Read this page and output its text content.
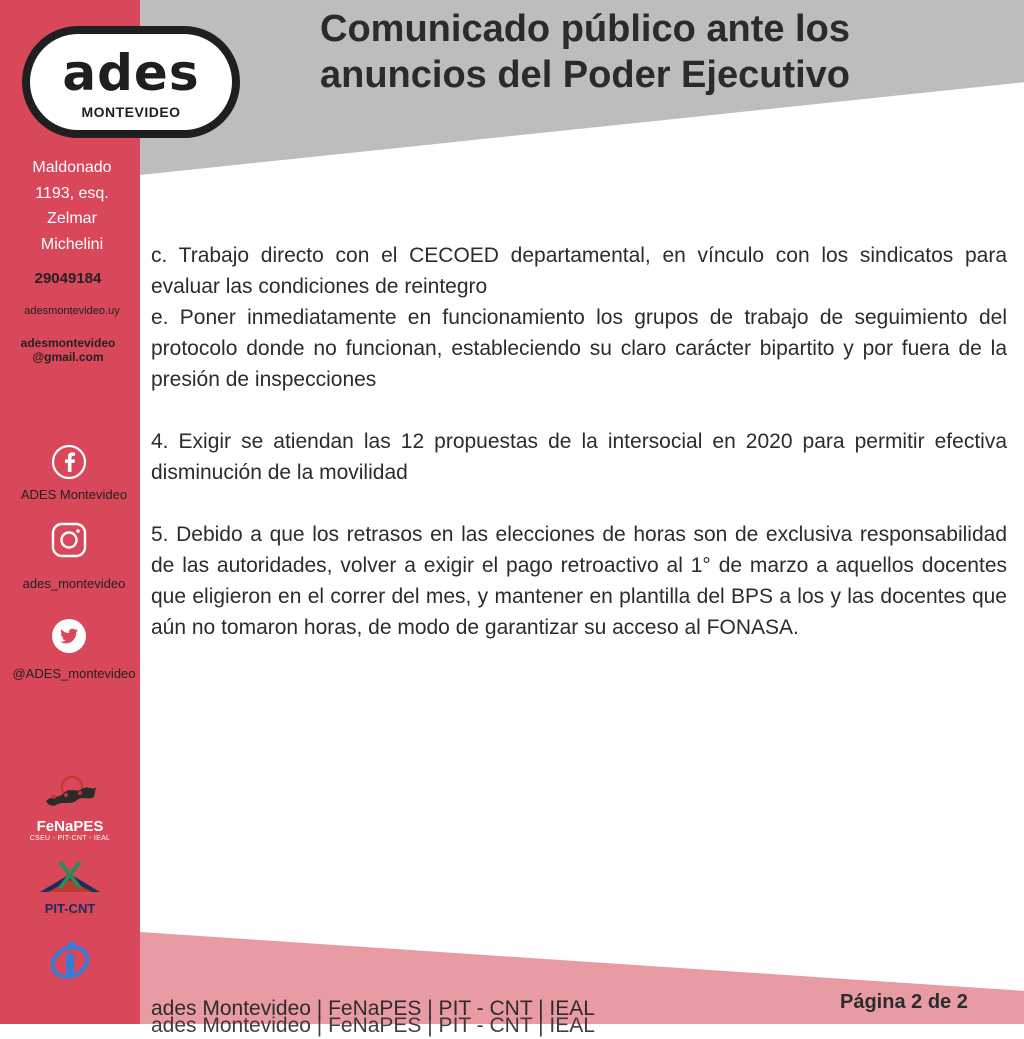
Comunicado público ante los
anuncios del Poder Ejecutivo
ades
MONTEVIDEO
Maldonado
1193, esq.
Zelmar
Michelini
29049184
adesmontevideo.uy
adesmontevideo
@gmail.com
ADES Montevideo
ades_montevideo
@ADES_montevideo
FeNaPES
CSEU - PIT-CNT - IEAL
PIT-CNT

c. Trabajo directo con el CECOED departamental, en vínculo con los sindicatos para evaluar las condiciones de reintegro

e. Poner inmediatamente en funcionamiento los grupos de trabajo de seguimiento del protocolo donde no funcionan, estableciendo su claro carácter bipartito y por fuera de la presión de inspecciones

4. Exigir se atiendan las 12 propuestas de la intersocial en 2020 para permitir efectiva disminución de la movilidad

5. Debido a que los retrasos en las elecciones de horas son de exclusiva responsabilidad de las autoridades, volver a exigir el pago retroactivo al 1° de marzo a aquellos docentes que eligieron en el correr del mes, y mantener en plantilla del BPS a los y las docentes que aún no tomaron horas, de modo de garantizar su acceso al FONASA.

ades Montevideo | FeNaPES | PIT - CNT | IEAL
ades Montevideo | FeNaPES | PIT - CNT | IEAL
Página 2 de 2
